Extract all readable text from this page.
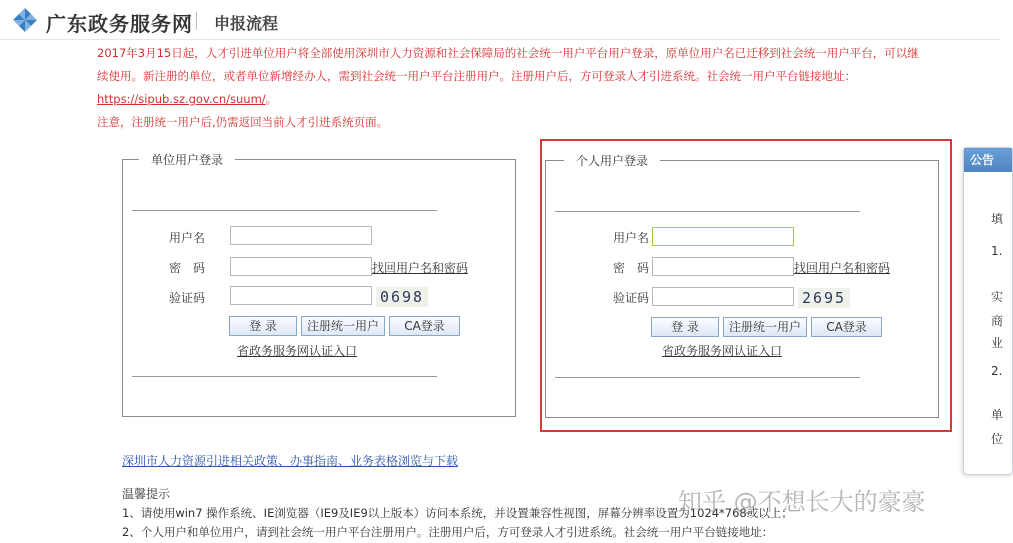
广东政务服务网 申报流程
2017年3月15日起，人才引进单位用户将全部使用深圳市人力资源和社会保障局的社会统一用户平台用户登录，原单位用户名已迁移到社会统一用户平台，可以继
续使用。新注册的单位，或者单位新增经办人，需到社会统一用户平台注册用户。注册用户后，方可登录人才引进系统。社会统一用户平台链接地址：
https://sipub.sz.gov.cn/suum/。
注意，注册统一用户后,仍需返回当前人才引进系统页面。
单位用户登录
用户名
密　码	找回用户名和密码
验证码	0698
登 录	注册统一用户	CA登录
省政务服务网认证入口
个人用户登录
用户名
密　码	找回用户名和密码
验证码	2695
登 录	注册统一用户	CA登录
省政务服务网认证入口
公告
填
1.
实
商
业
2.
单
位
深圳市人力资源引进相关政策、办事指南、业务表格浏览与下载
温馨提示
1、请使用win7 操作系统、IE浏览器（IE9及IE9以上版本）访问本系统，并设置兼容性视图，屏幕分辨率设置为1024*768或以上；
2、个人用户和单位用户，请到社会统一用户平台注册用户。注册用户后，方可登录人才引进系统。社会统一用户平台链接地址：
知乎 @不想长大的豪豪
